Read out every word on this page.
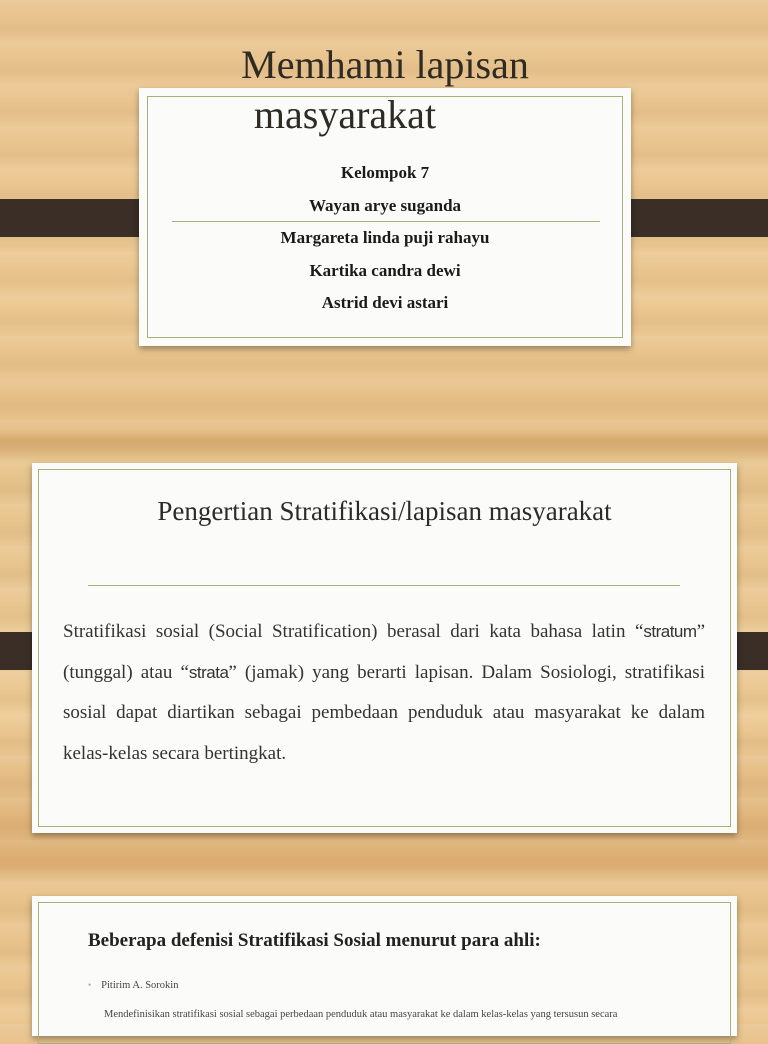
Memhami lapisan
masyarakat
Kelompok 7
Wayan arye suganda
Margareta linda puji rahayu
Kartika candra dewi
Astrid devi astari
Pengertian Stratifikasi/lapisan masyarakat
Stratifikasi sosial (Social Stratification) berasal dari kata bahasa latin “stratum” (tunggal) atau “strata” (jamak) yang berarti lapisan. Dalam Sosiologi, stratifikasi sosial dapat diartikan sebagai pembedaan penduduk atau masyarakat ke dalam kelas-kelas secara bertingkat.
Beberapa defenisi Stratifikasi Sosial menurut para ahli:
• Pitirim A. Sorokin
Mendefinisikan stratifikasi sosial sebagai perbedaan penduduk atau masyarakat ke dalam kelas-kelas yang tersusun secara
